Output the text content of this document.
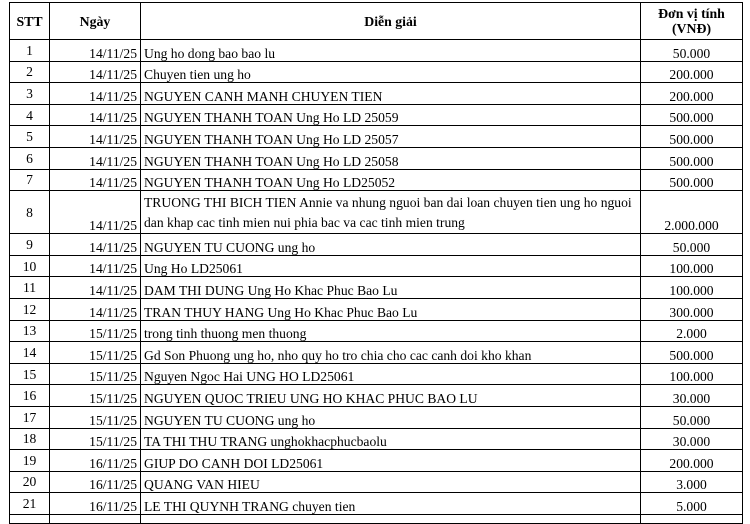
STT	Ngày	Diễn giải	Đơn vị tính
(VNĐ)

1	14/11/25	Ung ho dong bao bao lu	50.000
2	14/11/25	Chuyen tien ung ho	200.000
3	14/11/25	NGUYEN CANH MANH CHUYEN TIEN	200.000
4	14/11/25	NGUYEN THANH TOAN Ung Ho LD 25059	500.000
5	14/11/25	NGUYEN THANH TOAN Ung Ho LD 25057	500.000
6	14/11/25	NGUYEN THANH TOAN Ung Ho LD 25058	500.000
7	14/11/25	NGUYEN THANH TOAN Ung Ho LD25052	500.000
8	14/11/25	TRUONG THI BICH TIEN Annie va nhung nguoi ban dai loan chuyen tien ung ho nguoi dan khap cac tinh mien nui phia bac va cac tinh mien trung	2.000.000
9	14/11/25	NGUYEN TU CUONG ung ho	50.000
10	14/11/25	Ung Ho LD25061	100.000
11	14/11/25	DAM THI DUNG Ung Ho Khac Phuc Bao Lu	100.000
12	14/11/25	TRAN THUY HANG Ung Ho Khac Phuc Bao Lu	300.000
13	15/11/25	trong tinh thuong men thuong	2.000
14	15/11/25	Gd Son Phuong ung ho, nho quy ho tro chia cho cac canh doi kho khan	500.000
15	15/11/25	Nguyen Ngoc Hai UNG HO LD25061	100.000
16	15/11/25	NGUYEN QUOC TRIEU UNG HO KHAC PHUC BAO LU	30.000
17	15/11/25	NGUYEN TU CUONG ung ho	50.000
18	15/11/25	TA THI THU TRANG unghokhacphucbaolu	30.000
19	16/11/25	GIUP DO CANH DOI LD25061	200.000
20	16/11/25	QUANG VAN HIEU	3.000
21	16/11/25	LE THI QUYNH TRANG chuyen tien	5.000
